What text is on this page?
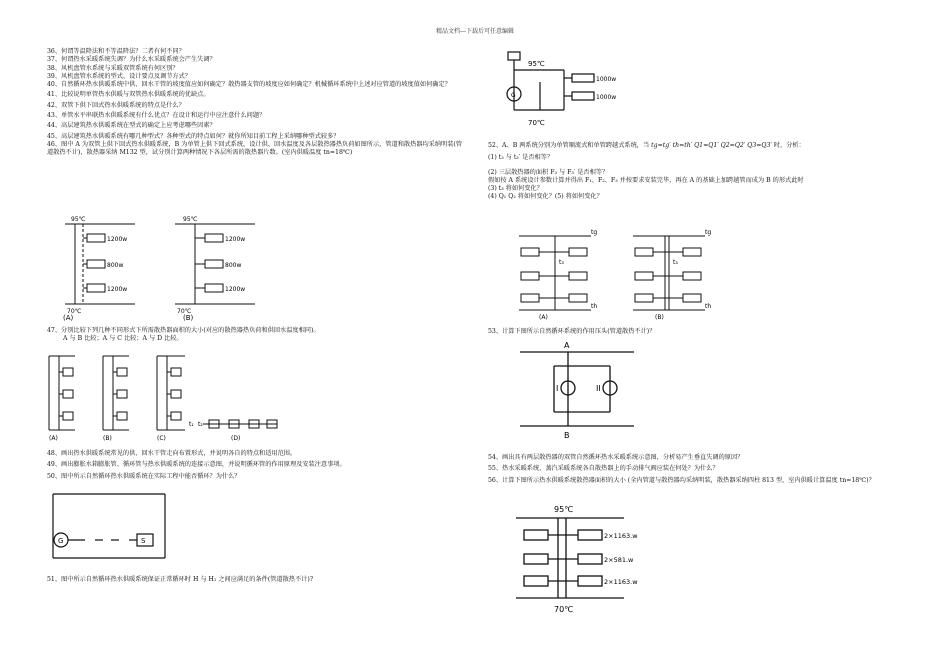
精品文档---下载后可任意编辑

36、何谓等温降法和不等温降法？二者有何不同？

37、何谓热水采暖系统失调？为什么水采暖系统会产生失调？

38、风机盘管水系统与采暖双管系统有何区别？

39、风机盘管水系统的型式、设计要点及调节方式？

40、自然循环热水供暖系统中供、回水干管的坡度值应如何确定？散热器支管的坡度应如何确定？机械循环系统中上述对应管道的坡度值如何确定？

41、比较说明单管热水供暖与双管热水供暖系统的优缺点。

42、双管下供下回式热水供暖系统的特点是什么？

43、单管水平串联热水供暖系统有什么优点？在设计和运行中应注意什么问题？

44、高层建筑热水供暖系统在型式的确定上应考虑哪些因素？

45、高层建筑热水供暖系统有哪几种型式？各种型式的特点如何？就你所知目前工程上采纳哪种型式较多？

46、图中 A 为双管上供下回式热水供暖系统，B 为单管上供下回式系统，设计供、回水温度及各层散热器热负荷如图所示，管道和散热器均采纳明装(管道散热不计)，散热器采纳 M132 型，试分别计算两种情况下各层所需的散热器片数。(室内供暖温度 tn=18℃)

95℃
70℃
1200w
800w
1200w
(A)
95℃
70℃
1200w
800w
1200w
(B)

47、分别比较下列几种不同形式下所需散热器面积的大小(对应的散热器热负荷和供回水温度相同)。

A 与 B 比较；A 与 C 比较；A 与 D 比较。

(A)	(B)	(C)	(D)
t₁ t₂

48、画出热水供暖系统常见的供、回水干管走向布置形式，并说明各自的特点和适用范围。

49、画出膨胀水箱膨胀管、循环管与热水供暖系统的连接示意图，并说明循环管的作用原理及安装注意事项。

50、图中所示自然循环热水供暖系统在实际工程中能否循环？为什么？

G	S

51、图中所示自然循环热水供暖系统保证正常循环时 H 与 H₁ 之间应满足的条件(管道散热不计)?

95℃
70℃
G
1000w
1000w

52、A、B 两系统分别为单管顺流式和单管跨越式系统，当 tg=tg′ th=th′ Q1=Q1′ Q2=Q2′ Q3=Q3′ 时，分析：

(1) t₃ 与 t₃′ 是否相等？

(2) 三层散热器的面积 F₃ 与 F₃′ 是否相等？

假如按 A 系统设计参数计算并得出 F₁、F₂、F₃ 并按要求安装完毕，再在 A 的基础上加跨越管而成为 B 的形式此时

(3) t₃ 将如何变化？

(4) Q₁ Q₂ 将如何变化？(5) 将如何变化？

tg
t₃
th
(A)
tg
t₃
th
(B)

53、计算下图所示自然循环系统的作用压头(管道散热不计)？

A
B
I	II

54、画出具有两层散热器的双管自然循环热水采暖系统示意图，分析易产生垂直失调的原因？

55、热水采暖系统、蒸汽采暖系统各自散热器上的手动排气阀应装在何处？为什么？

56、计算下图所示热水供暖系统散热器面积的大小 (全内管道与散热器均采纳明装，散热器采纳四柱 813 型，室内供暖计算温度 tn=18℃)？

95℃
70℃
2×1163.w
2×581.w
2×1163.w
